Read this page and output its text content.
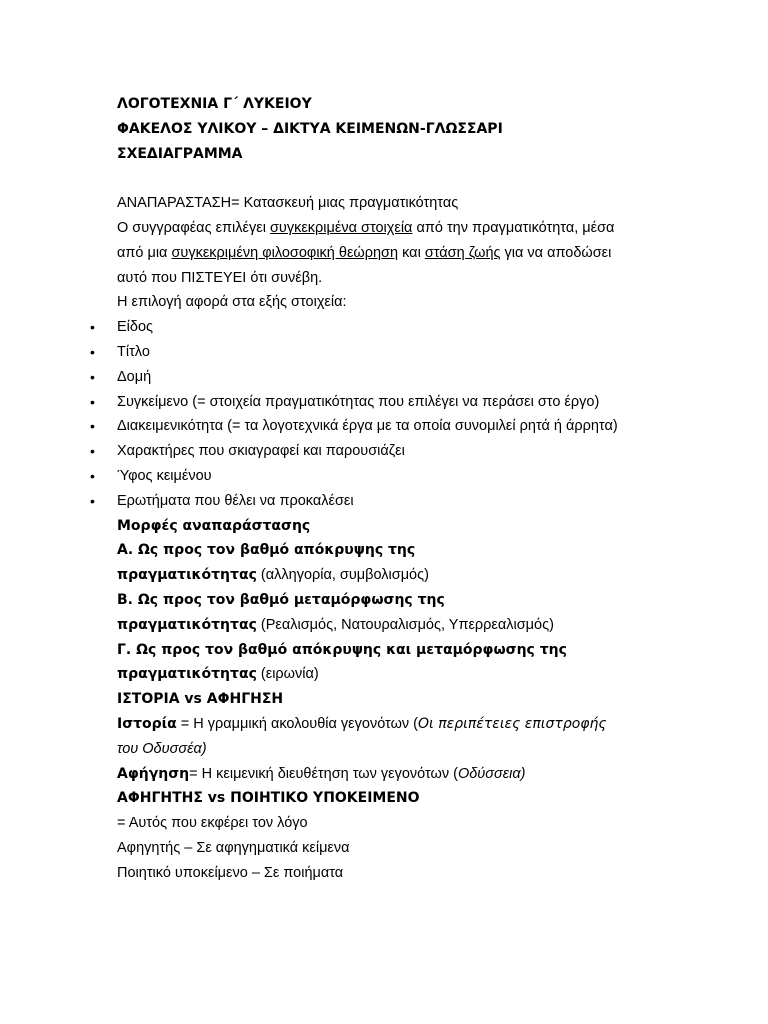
ΛΟΓΟΤΕΧΝΙΑ Γ΄ ΛΥΚΕΙΟΥ
ΦΑΚΕΛΟΣ ΥΛΙΚΟΥ – ΔΙΚΤΥΑ ΚΕΙΜΕΝΩΝ-ΓΛΩΣΣΑΡΙ
ΣΧΕΔΙΑΓΡΑΜΜΑ
ΑΝΑΠΑΡΑΣΤΑΣΗ= Κατασκευή μιας πραγματικότητας
Ο συγγραφέας επιλέγει συγκεκριμένα στοιχεία από την πραγματικότητα, μέσα
από μια συγκεκριμένη φιλοσοφική θεώρηση και στάση ζωής για να αποδώσει
αυτό που ΠΙΣΤΕΥΕΙ ότι συνέβη.
Η επιλογή αφορά στα εξής στοιχεία:
• Είδος
• Τίτλο
• Δομή
• Συγκείμενο (= στοιχεία πραγματικότητας που επιλέγει να περάσει στο έργο)
• Διακειμενικότητα (= τα λογοτεχνικά έργα με τα οποία συνομιλεί ρητά ή άρρητα)
• Χαρακτήρες που σκιαγραφεί και παρουσιάζει
• Ύφος κειμένου
• Ερωτήματα που θέλει να προκαλέσει
Μορφές αναπαράστασης
Α. Ως προς τον βαθμό απόκρυψης της
πραγματικότητας (αλληγορία, συμβολισμός)
Β. Ως προς τον βαθμό μεταμόρφωσης της
πραγματικότητας (Ρεαλισμός, Νατουραλισμός, Υπερρεαλισμός)
Γ. Ως προς τον βαθμό απόκρυψης και μεταμόρφωσης της
πραγματικότητας (ειρωνία)
ΙΣΤΟΡΙΑ vs ΑΦΗΓΗΣΗ
Ιστορία = Η γραμμική ακολουθία γεγονότων (Οι περιπέτειες επιστροφής
του Οδυσσέα)
Αφήγηση= Η κειμενική διευθέτηση των γεγονότων (Οδύσσεια)
ΑΦΗΓΗΤΗΣ vs ΠΟΙΗΤΙΚΟ ΥΠΟΚΕΙΜΕΝΟ
= Αυτός που εκφέρει τον λόγο
Αφηγητής – Σε αφηγηματικά κείμενα
Ποιητικό υποκείμενο – Σε ποιήματα
